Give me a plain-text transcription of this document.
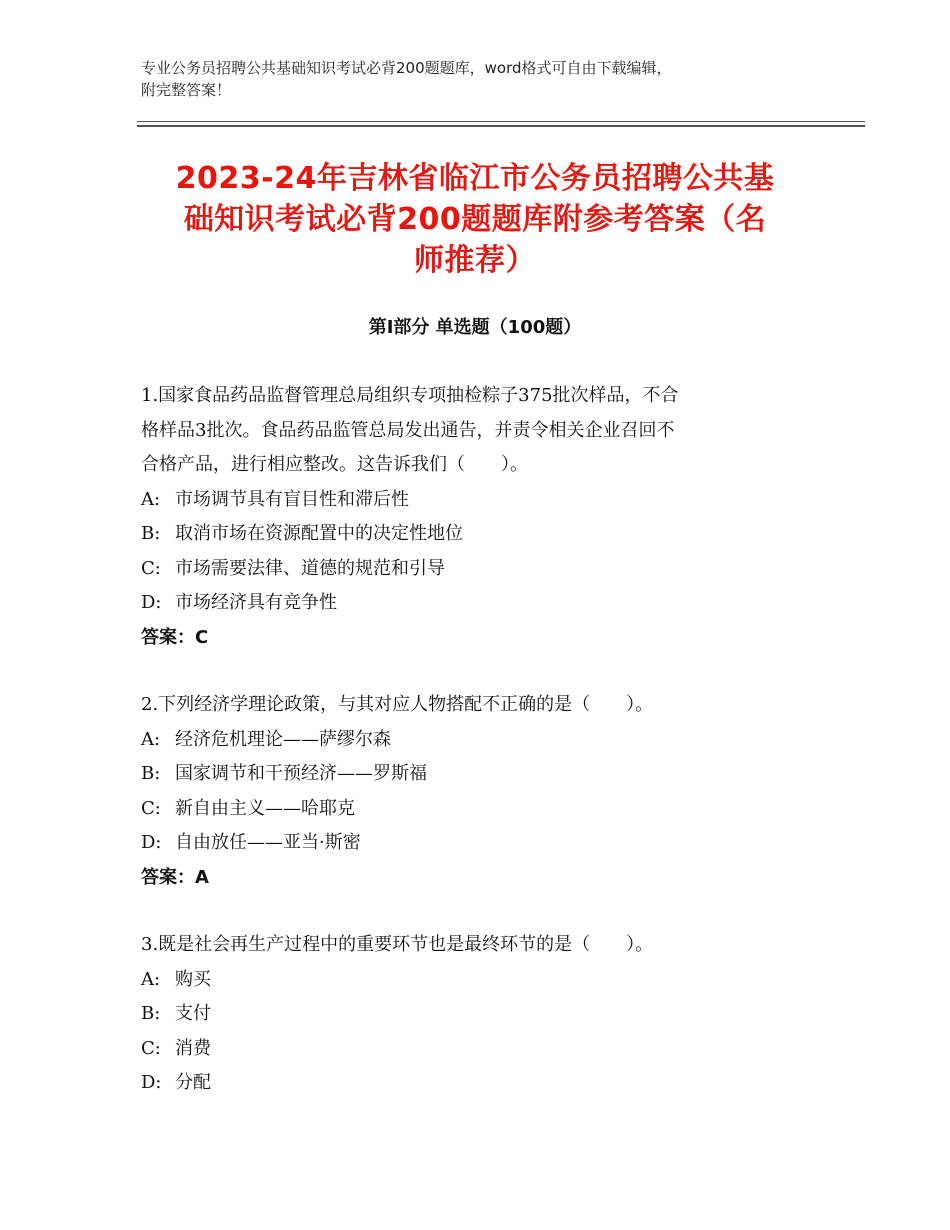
专业公务员招聘公共基础知识考试必背200题题库，word格式可自由下载编辑，
附完整答案！
2023-24年吉林省临江市公务员招聘公共基
础知识考试必背200题题库附参考答案（名
师推荐）
第Ⅰ部分 单选题（100题）
1.国家食品药品监督管理总局组织专项抽检粽子375批次样品，不合
格样品3批次。食品药品监管总局发出通告，并责令相关企业召回不
合格产品，进行相应整改。这告诉我们（　　）。
A: 市场调节具有盲目性和滞后性
B: 取消市场在资源配置中的决定性地位
C: 市场需要法律、道德的规范和引导
D: 市场经济具有竞争性
答案：C
2.下列经济学理论政策，与其对应人物搭配不正确的是（　　）。
A: 经济危机理论——萨缪尔森
B: 国家调节和干预经济——罗斯福
C: 新自由主义——哈耶克
D: 自由放任——亚当·斯密
答案：A
3.既是社会再生产过程中的重要环节也是最终环节的是（　　）。
A: 购买
B: 支付
C: 消费
D: 分配
